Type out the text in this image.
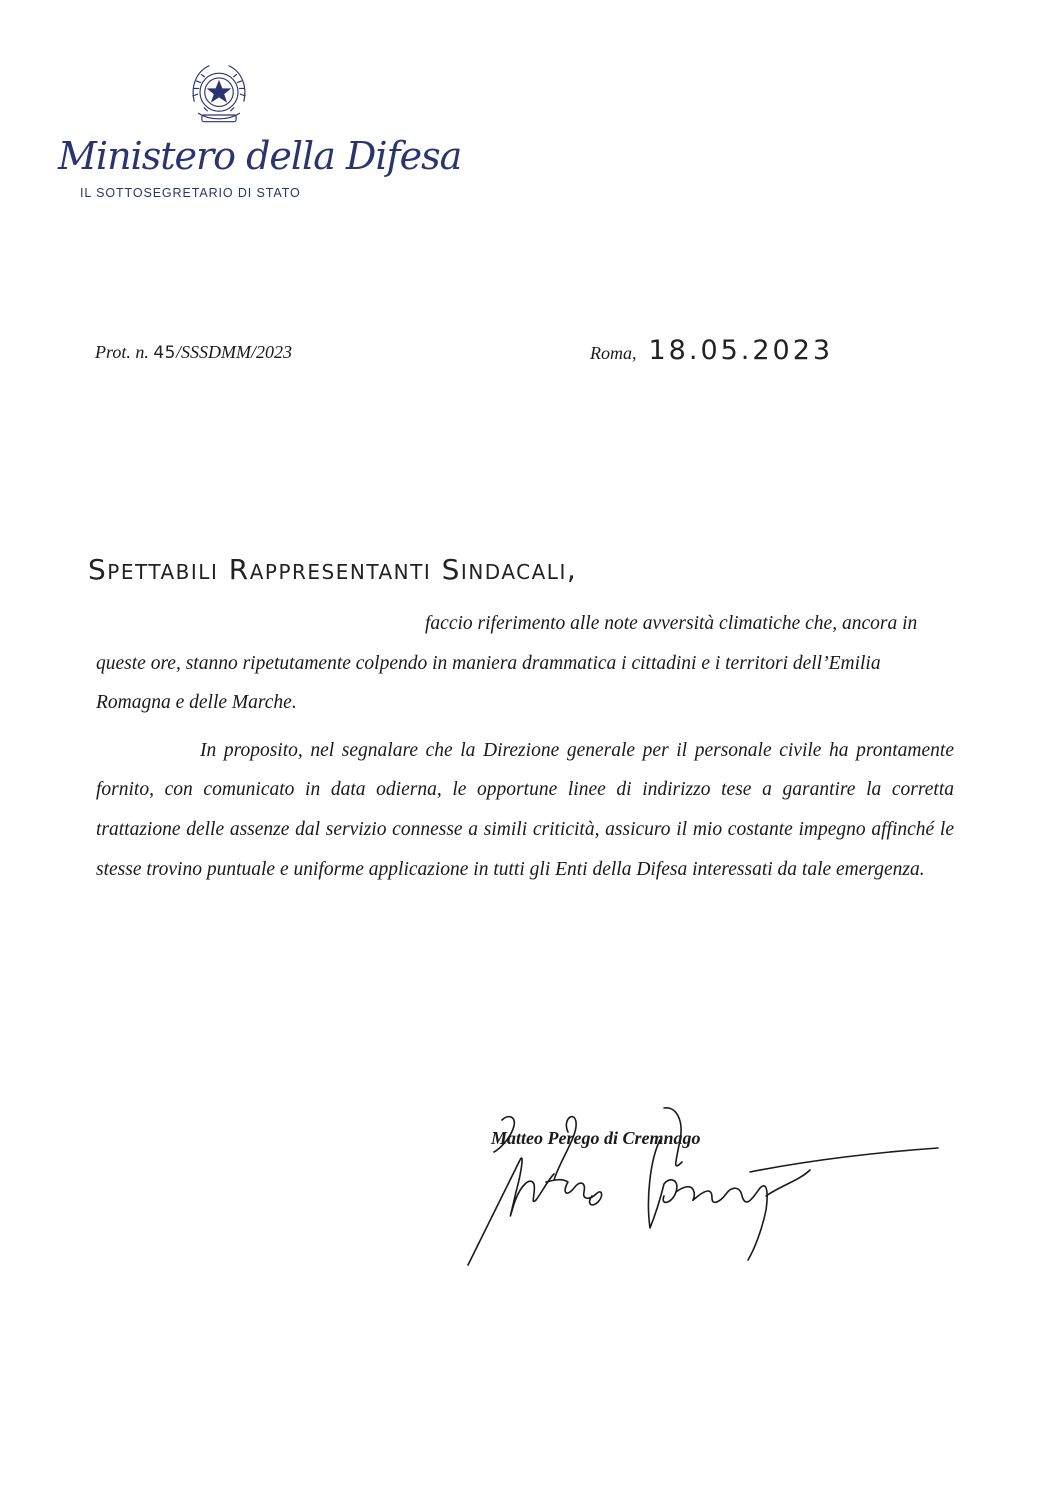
Ministero della Difesa
IL SOTTOSEGRETARIO DI STATO
Prot. n. 45/SSSDMM/2023	Roma, 18.05.2023
Spettabili Rappresentanti Sindacali,

faccio riferimento alle note avversità climatiche che, ancora in queste ore, stanno ripetutamente colpendo in maniera drammatica i cittadini e i territori dell’Emilia Romagna e delle Marche.

In proposito, nel segnalare che la Direzione generale per il personale civile ha prontamente fornito, con comunicato in data odierna, le opportune linee di indirizzo tese a garantire la corretta trattazione delle assenze dal servizio connesse a simili criticità, assicuro il mio costante impegno affinché le stesse trovino puntuale e uniforme applicazione in tutti gli Enti della Difesa interessati da tale emergenza.

Matteo Perego di Cremnago
